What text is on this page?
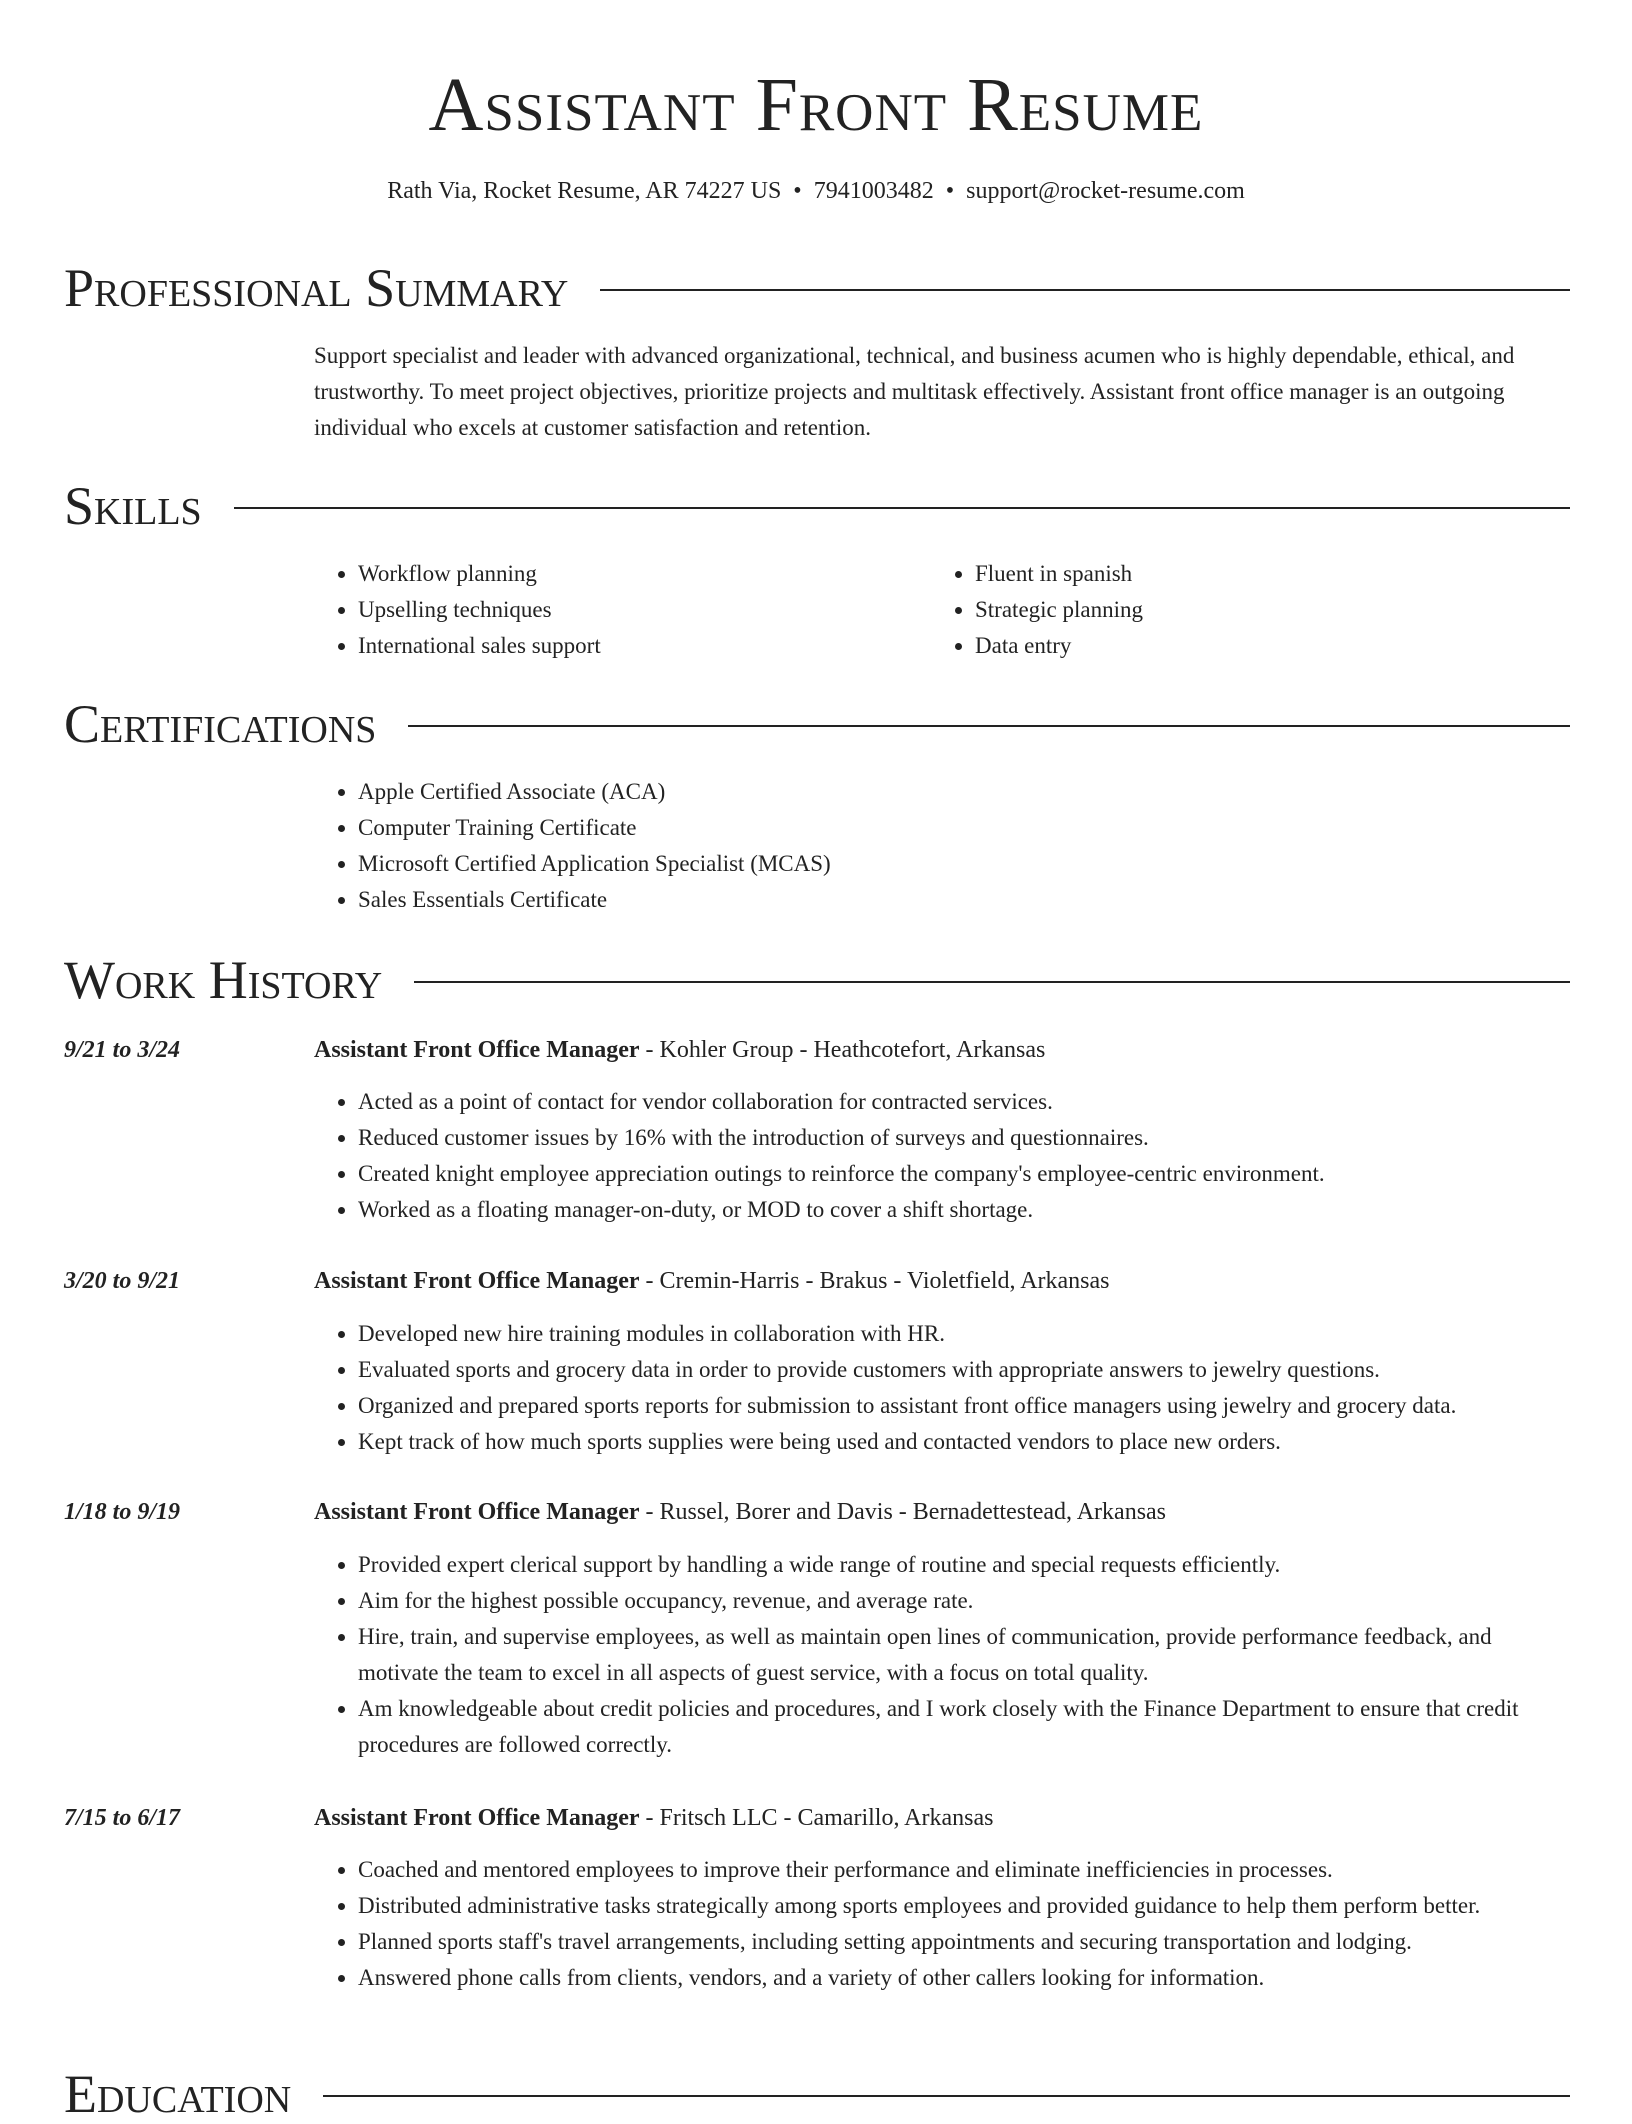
Assistant Front Resume
Rath Via, Rocket Resume, AR 74227 US • 7941003482 • support@rocket-resume.com
Professional Summary

Support specialist and leader with advanced organizational, technical, and business acumen who is highly dependable, ethical, and trustworthy. To meet project objectives, prioritize projects and multitask effectively. Assistant front office manager is an outgoing individual who excels at customer satisfaction and retention.

Skills
• Workflow planning
• Upselling techniques
• International sales support
• Fluent in spanish
• Strategic planning
• Data entry
Certifications
• Apple Certified Associate (ACA)
• Computer Training Certificate
• Microsoft Certified Application Specialist (MCAS)
• Sales Essentials Certificate
Work History
9/21 to 3/24	Assistant Front Office Manager - Kohler Group - Heathcotefort, Arkansas
• Acted as a point of contact for vendor collaboration for contracted services.
• Reduced customer issues by 16% with the introduction of surveys and questionnaires.
• Created knight employee appreciation outings to reinforce the company's employee-centric environment.
• Worked as a floating manager-on-duty, or MOD to cover a shift shortage.
3/20 to 9/21	Assistant Front Office Manager - Cremin-Harris - Brakus - Violetfield, Arkansas
• Developed new hire training modules in collaboration with HR.
• Evaluated sports and grocery data in order to provide customers with appropriate answers to jewelry questions.
• Organized and prepared sports reports for submission to assistant front office managers using jewelry and grocery data.
• Kept track of how much sports supplies were being used and contacted vendors to place new orders.
1/18 to 9/19	Assistant Front Office Manager - Russel, Borer and Davis - Bernadettestead, Arkansas
• Provided expert clerical support by handling a wide range of routine and special requests efficiently.
• Aim for the highest possible occupancy, revenue, and average rate.
• Hire, train, and supervise employees, as well as maintain open lines of communication, provide performance feedback, and motivate the team to excel in all aspects of guest service, with a focus on total quality.
• Am knowledgeable about credit policies and procedures, and I work closely with the Finance Department to ensure that credit procedures are followed correctly.
7/15 to 6/17	Assistant Front Office Manager - Fritsch LLC - Camarillo, Arkansas
• Coached and mentored employees to improve their performance and eliminate inefficiencies in processes.
• Distributed administrative tasks strategically among sports employees and provided guidance to help them perform better.
• Planned sports staff's travel arrangements, including setting appointments and securing transportation and lodging.
• Answered phone calls from clients, vendors, and a variety of other callers looking for information.
Education
